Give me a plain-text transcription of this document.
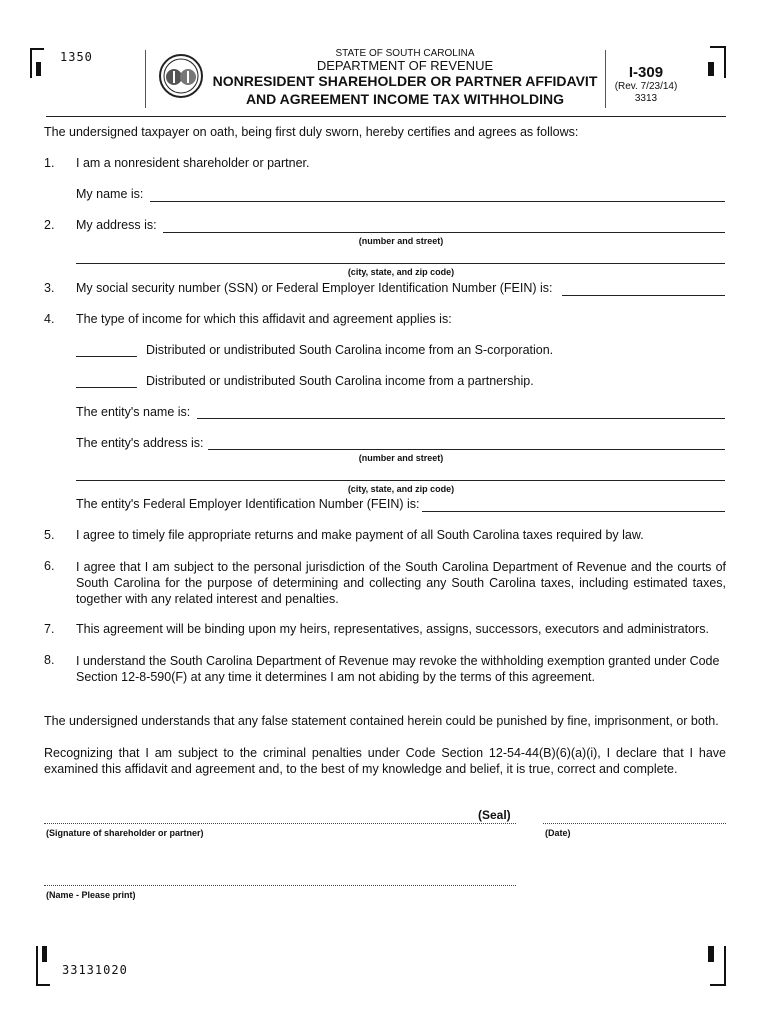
1350	STATE OF SOUTH CAROLINA
DEPARTMENT OF REVENUE
NONRESIDENT SHAREHOLDER OR PARTNER AFFIDAVIT
AND AGREEMENT INCOME TAX WITHHOLDING
I-309
(Rev. 7/23/14)
3313
The undersigned taxpayer on oath, being first duly sworn, hereby certifies and agrees as follows:
1. I am a nonresident shareholder or partner.
My name is:
2. My address is:
(number and street)
(city, state, and zip code)
3. My social security number (SSN) or Federal Employer Identification Number (FEIN) is:
4. The type of income for which this affidavit and agreement applies is:
Distributed or undistributed South Carolina income from an S-corporation.
Distributed or undistributed South Carolina income from a partnership.
The entity's name is:
The entity's address is:
(number and street)
(city, state, and zip code)
The entity's Federal Employer Identification Number (FEIN) is:
5. I agree to timely file appropriate returns and make payment of all South Carolina taxes required by law.
6. I agree that I am subject to the personal jurisdiction of the South Carolina Department of Revenue and the courts of South Carolina for the purpose of determining and collecting any South Carolina taxes, including estimated taxes, together with any related interest and penalties.
7. This agreement will be binding upon my heirs, representatives, assigns, successors, executors and administrators.
8. I understand the South Carolina Department of Revenue may revoke the withholding exemption granted under Code Section 12-8-590(F) at any time it determines I am not abiding by the terms of this agreement.
The undersigned understands that any false statement contained herein could be punished by fine, imprisonment, or both.
Recognizing that I am subject to the criminal penalties under Code Section 12-54-44(B)(6)(a)(i), I declare that I have examined this affidavit and agreement and, to the best of my knowledge and belief, it is true, correct and complete.
(Seal)
(Signature of shareholder or partner)	(Date)
(Name - Please print)
33131020
